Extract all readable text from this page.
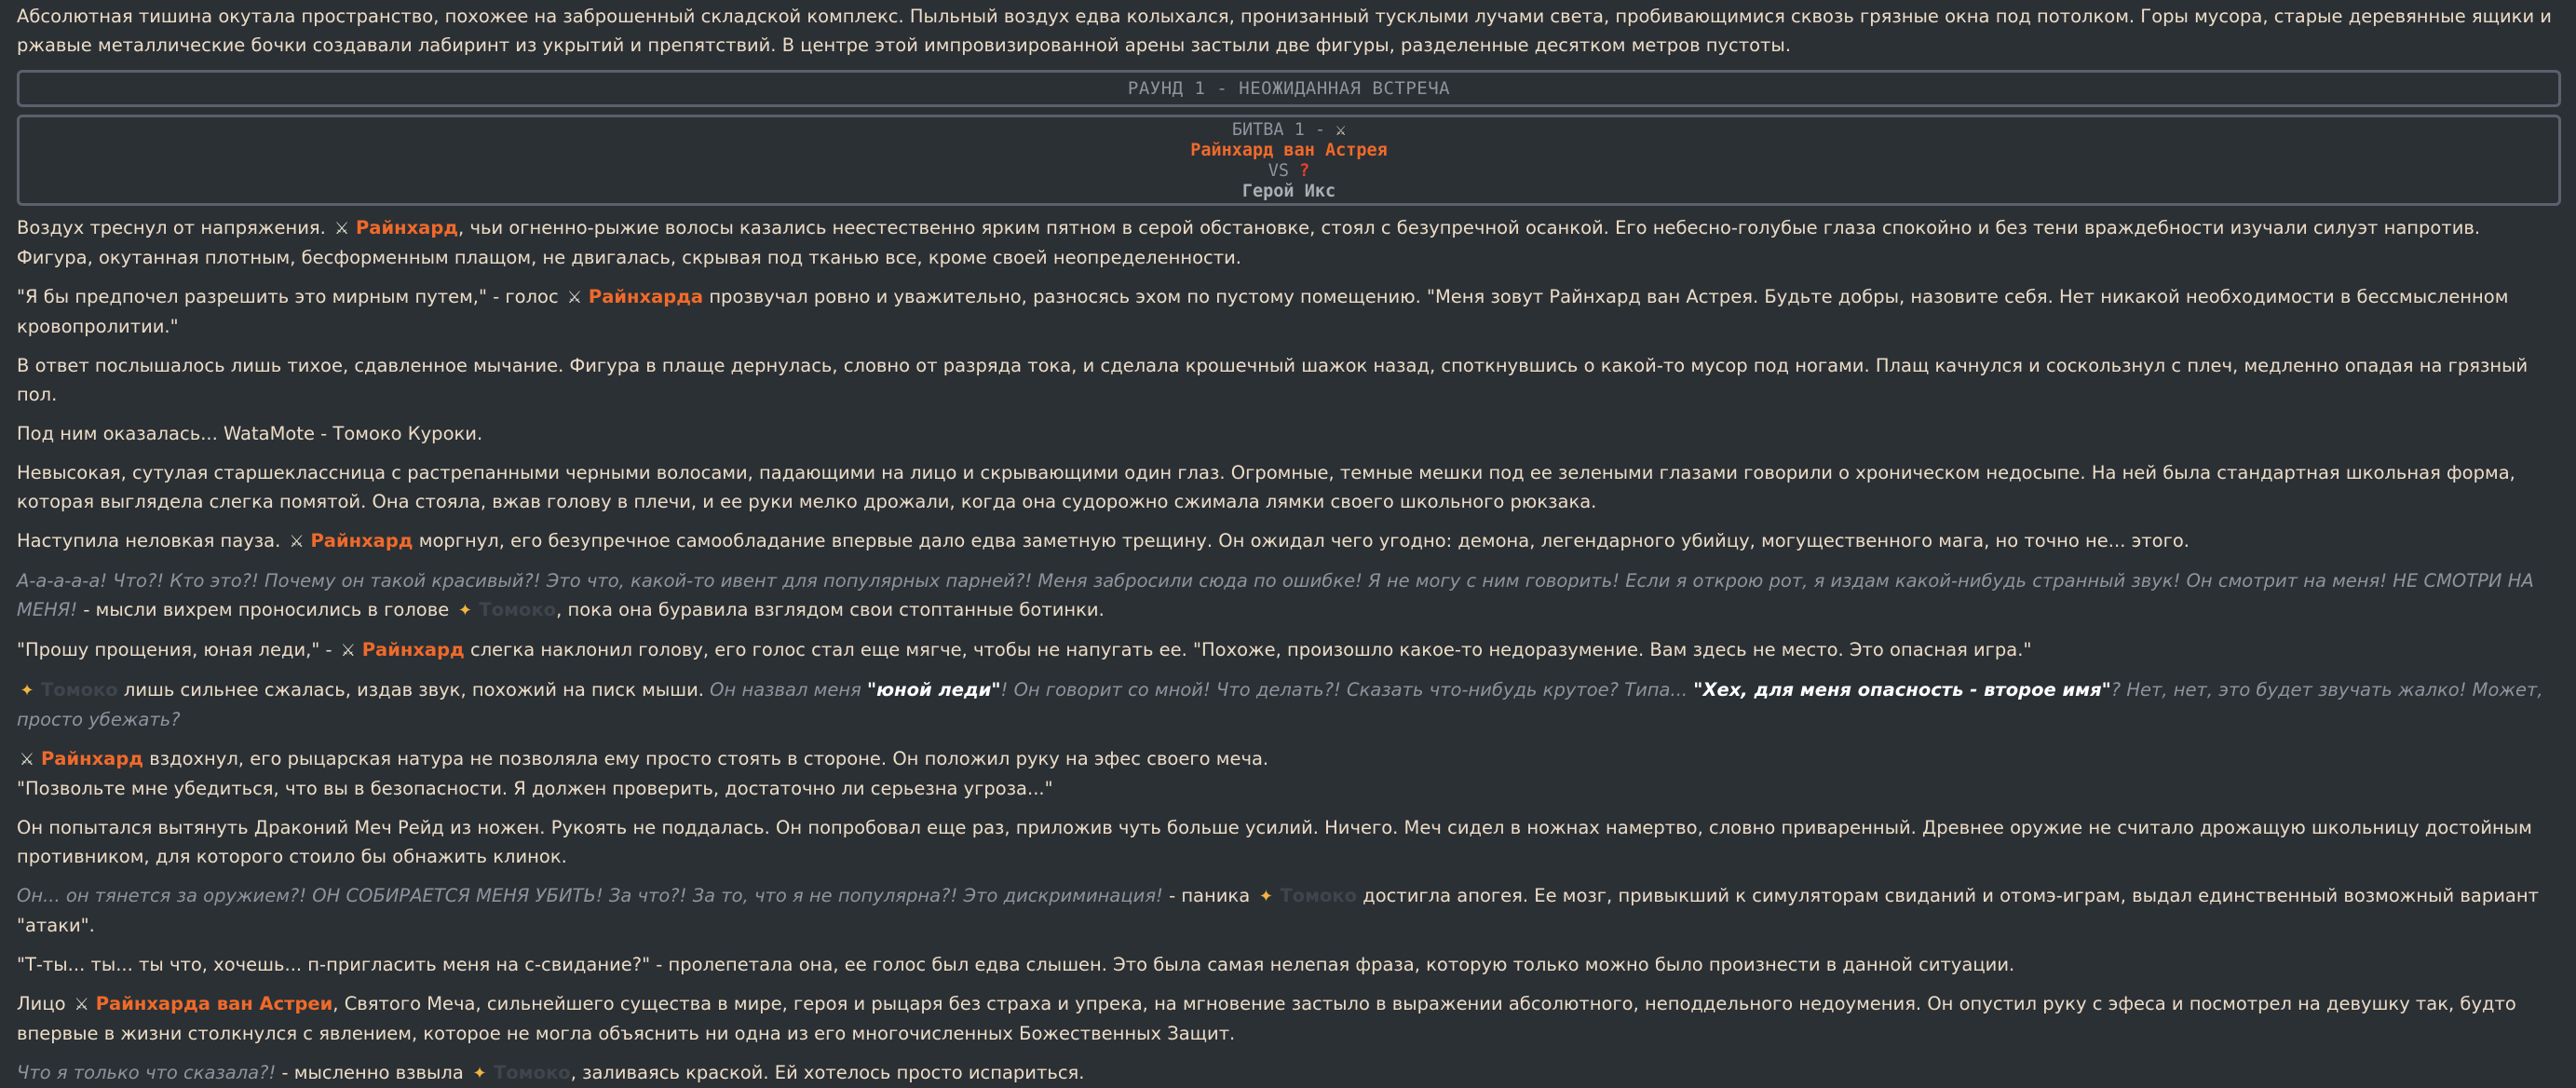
Абсолютная тишина окутала пространство, похожее на заброшенный складской комплекс. Пыльный воздух едва колыхался, пронизанный тусклыми лучами света, пробивающимися сквозь грязные окна под потолком. Горы мусора, старые деревянные ящики и ржавые металлические бочки создавали лабиринт из укрытий и препятствий. В центре этой импровизированной арены застыли две фигуры, разделенные десятком метров пустоты.

РАУНД 1 - НЕОЖИДАННАЯ ВСТРЕЧА
БИТВА 1 - ⚔
Райнхард ван Астрея
VS ?
Герой Икс

Воздух треснул от напряжения. ⚔ Райнхард, чьи огненно-рыжие волосы казались неестественно ярким пятном в серой обстановке, стоял с безупречной осанкой. Его небесно-голубые глаза спокойно и без тени враждебности изучали силуэт напротив. Фигура, окутанная плотным, бесформенным плащом, не двигалась, скрывая под тканью все, кроме своей неопределенности.

"Я бы предпочел разрешить это мирным путем," - голос ⚔ Райнхарда прозвучал ровно и уважительно, разносясь эхом по пустому помещению. "Меня зовут Райнхард ван Астрея. Будьте добры, назовите себя. Нет никакой необходимости в бессмысленном кровопролитии."

В ответ послышалось лишь тихое, сдавленное мычание. Фигура в плаще дернулась, словно от разряда тока, и сделала крошечный шажок назад, споткнувшись о какой-то мусор под ногами. Плащ качнулся и соскользнул с плеч, медленно опадая на грязный пол.

Под ним оказалась... WataMote - Томоко Куроки.

Невысокая, сутулая старшеклассница с растрепанными черными волосами, падающими на лицо и скрывающими один глаз. Огромные, темные мешки под ее зелеными глазами говорили о хроническом недосыпе. На ней была стандартная школьная форма, которая выглядела слегка помятой. Она стояла, вжав голову в плечи, и ее руки мелко дрожали, когда она судорожно сжимала лямки своего школьного рюкзака.

Наступила неловкая пауза. ⚔ Райнхард моргнул, его безупречное самообладание впервые дало едва заметную трещину. Он ожидал чего угодно: демона, легендарного убийцу, могущественного мага, но точно не... этого.

А-а-а-а-а! Что?! Кто это?! Почему он такой красивый?! Это что, какой-то ивент для популярных парней?! Меня забросили сюда по ошибке! Я не могу с ним говорить! Если я открою рот, я издам какой-нибудь странный звук! Он смотрит на меня! НЕ СМОТРИ НА МЕНЯ! - мысли вихрем проносились в голове ✦ Томоко, пока она буравила взглядом свои стоптанные ботинки.

"Прошу прощения, юная леди," - ⚔ Райнхард слегка наклонил голову, его голос стал еще мягче, чтобы не напугать ее. "Похоже, произошло какое-то недоразумение. Вам здесь не место. Это опасная игра."

✦ Томоко лишь сильнее сжалась, издав звук, похожий на писк мыши. Он назвал меня "юной леди"! Он говорит со мной! Что делать?! Сказать что-нибудь крутое? Типа... "Хех, для меня опасность - второе имя"? Нет, нет, это будет звучать жалко! Может, просто убежать?

⚔ Райнхард вздохнул, его рыцарская натура не позволяла ему просто стоять в стороне. Он положил руку на эфес своего меча.

"Позвольте мне убедиться, что вы в безопасности. Я должен проверить, достаточно ли серьезна угроза..."

Он попытался вытянуть Драконий Меч Рейд из ножен. Рукоять не поддалась. Он попробовал еще раз, приложив чуть больше усилий. Ничего. Меч сидел в ножнах намертво, словно приваренный. Древнее оружие не считало дрожащую школьницу достойным противником, для которого стоило бы обнажить клинок.

Он... он тянется за оружием?! ОН СОБИРАЕТСЯ МЕНЯ УБИТЬ! За что?! За то, что я не популярна?! Это дискриминация! - паника ✦ Томоко достигла апогея. Ее мозг, привыкший к симуляторам свиданий и отомэ-играм, выдал единственный возможный вариант "атаки".

"Т-ты... ты... ты что, хочешь... п-пригласить меня на с-свидание?" - пролепетала она, ее голос был едва слышен. Это была самая нелепая фраза, которую только можно было произнести в данной ситуации.

Лицо ⚔ Райнхарда ван Астреи, Святого Меча, сильнейшего существа в мире, героя и рыцаря без страха и упрека, на мгновение застыло в выражении абсолютного, неподдельного недоумения. Он опустил руку с эфеса и посмотрел на девушку так, будто впервые в жизни столкнулся с явлением, которое не могла объяснить ни одна из его многочисленных Божественных Защит.

Что я только что сказала?! - мысленно взвыла ✦ Томоко, заливаясь краской. Ей хотелось просто испариться.
